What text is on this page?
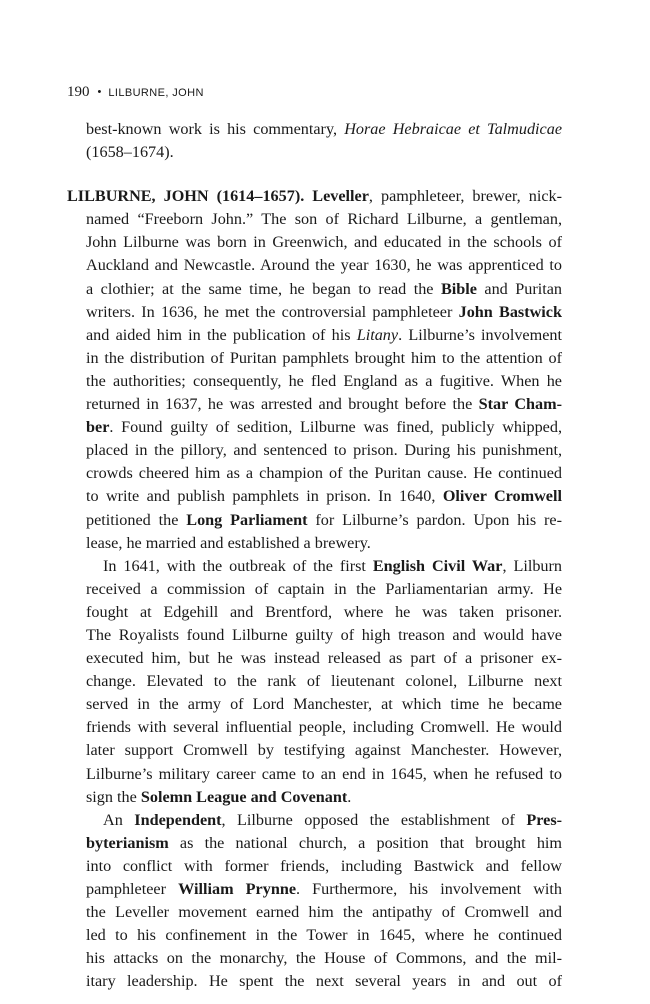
190 • LILBURNE, JOHN
best-known work is his commentary, Horae Hebraicae et Talmudicae
(1658–1674).
LILBURNE, JOHN (1614–1657). Leveller, pamphleteer, brewer, nick-
named “Freeborn John.” The son of Richard Lilburne, a gentleman,
John Lilburne was born in Greenwich, and educated in the schools of
Auckland and Newcastle. Around the year 1630, he was apprenticed to
a clothier; at the same time, he began to read the Bible and Puritan
writers. In 1636, he met the controversial pamphleteer John Bastwick
and aided him in the publication of his Litany. Lilburne’s involvement
in the distribution of Puritan pamphlets brought him to the attention of
the authorities; consequently, he fled England as a fugitive. When he
returned in 1637, he was arrested and brought before the Star Cham-
ber. Found guilty of sedition, Lilburne was fined, publicly whipped,
placed in the pillory, and sentenced to prison. During his punishment,
crowds cheered him as a champion of the Puritan cause. He continued
to write and publish pamphlets in prison. In 1640, Oliver Cromwell
petitioned the Long Parliament for Lilburne’s pardon. Upon his re-
lease, he married and established a brewery.
In 1641, with the outbreak of the first English Civil War, Lilburn
received a commission of captain in the Parliamentarian army. He
fought at Edgehill and Brentford, where he was taken prisoner.
The Royalists found Lilburne guilty of high treason and would have
executed him, but he was instead released as part of a prisoner ex-
change. Elevated to the rank of lieutenant colonel, Lilburne next
served in the army of Lord Manchester, at which time he became
friends with several influential people, including Cromwell. He would
later support Cromwell by testifying against Manchester. However,
Lilburne’s military career came to an end in 1645, when he refused to
sign the Solemn League and Covenant.
An Independent, Lilburne opposed the establishment of Pres-
byterianism as the national church, a position that brought him
into conflict with former friends, including Bastwick and fellow
pamphleteer William Prynne. Furthermore, his involvement with
the Leveller movement earned him the antipathy of Cromwell and
led to his confinement in the Tower in 1645, where he continued
his attacks on the monarchy, the House of Commons, and the mil-
itary leadership. He spent the next several years in and out of
